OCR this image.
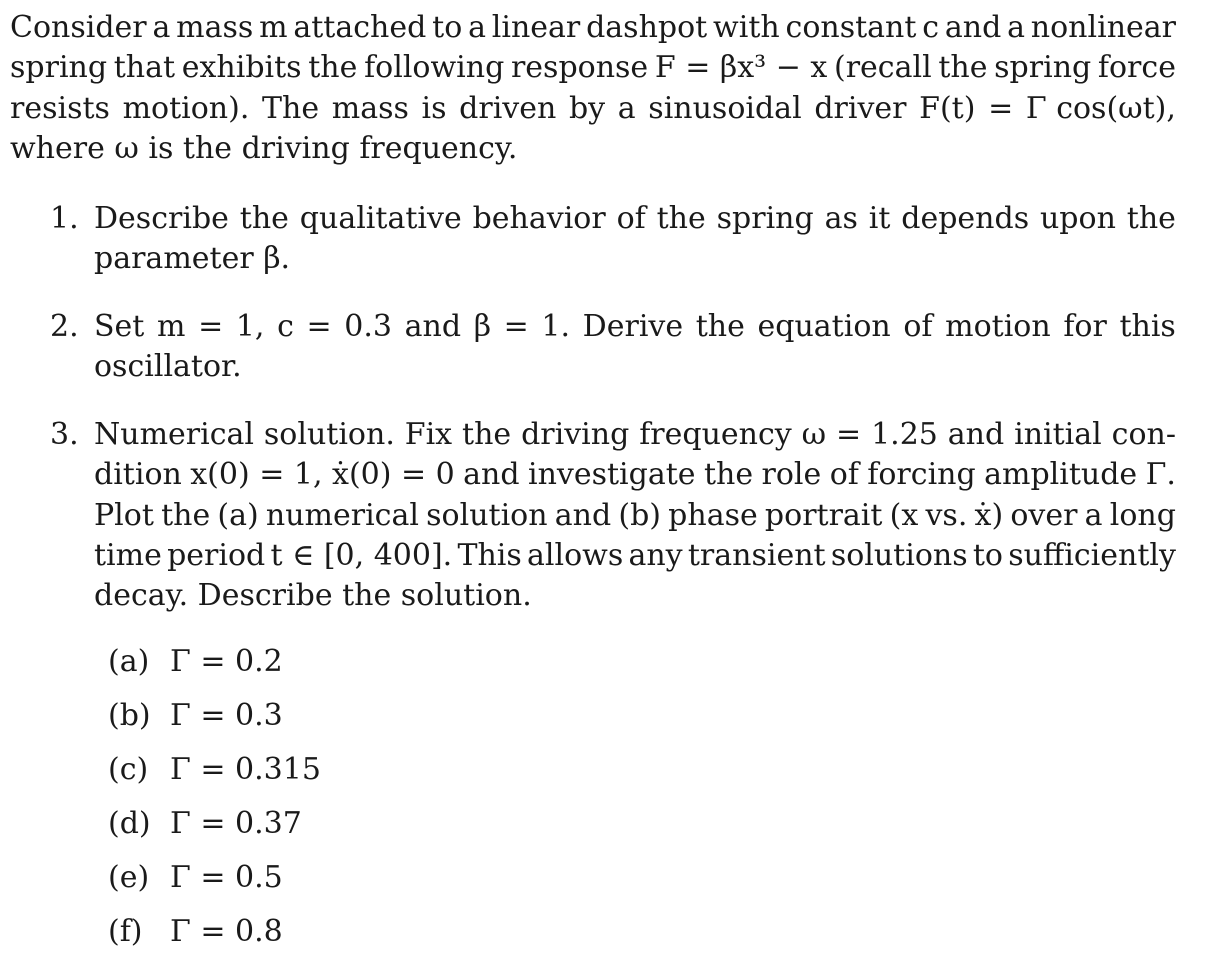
Consider a mass m attached to a linear dashpot with constant c and a nonlinear
spring that exhibits the following response F = βx³ − x (recall the spring force
resists motion). The mass is driven by a sinusoidal driver F(t) = Γ cos(ωt),
where ω is the driving frequency.
1. Describe the qualitative behavior of the spring as it depends upon the
parameter β.
2. Set m = 1, c = 0.3 and β = 1. Derive the equation of motion for this
oscillator.
3. Numerical solution. Fix the driving frequency ω = 1.25 and initial con-
dition x(0) = 1, ẋ(0) = 0 and investigate the role of forcing amplitude Γ.
Plot the (a) numerical solution and (b) phase portrait (x vs. ẋ) over a long
time period t ∈ [0, 400]. This allows any transient solutions to sufficiently
decay. Describe the solution.
(a) Γ = 0.2
(b) Γ = 0.3
(c) Γ = 0.315
(d) Γ = 0.37
(e) Γ = 0.5
(f) Γ = 0.8
